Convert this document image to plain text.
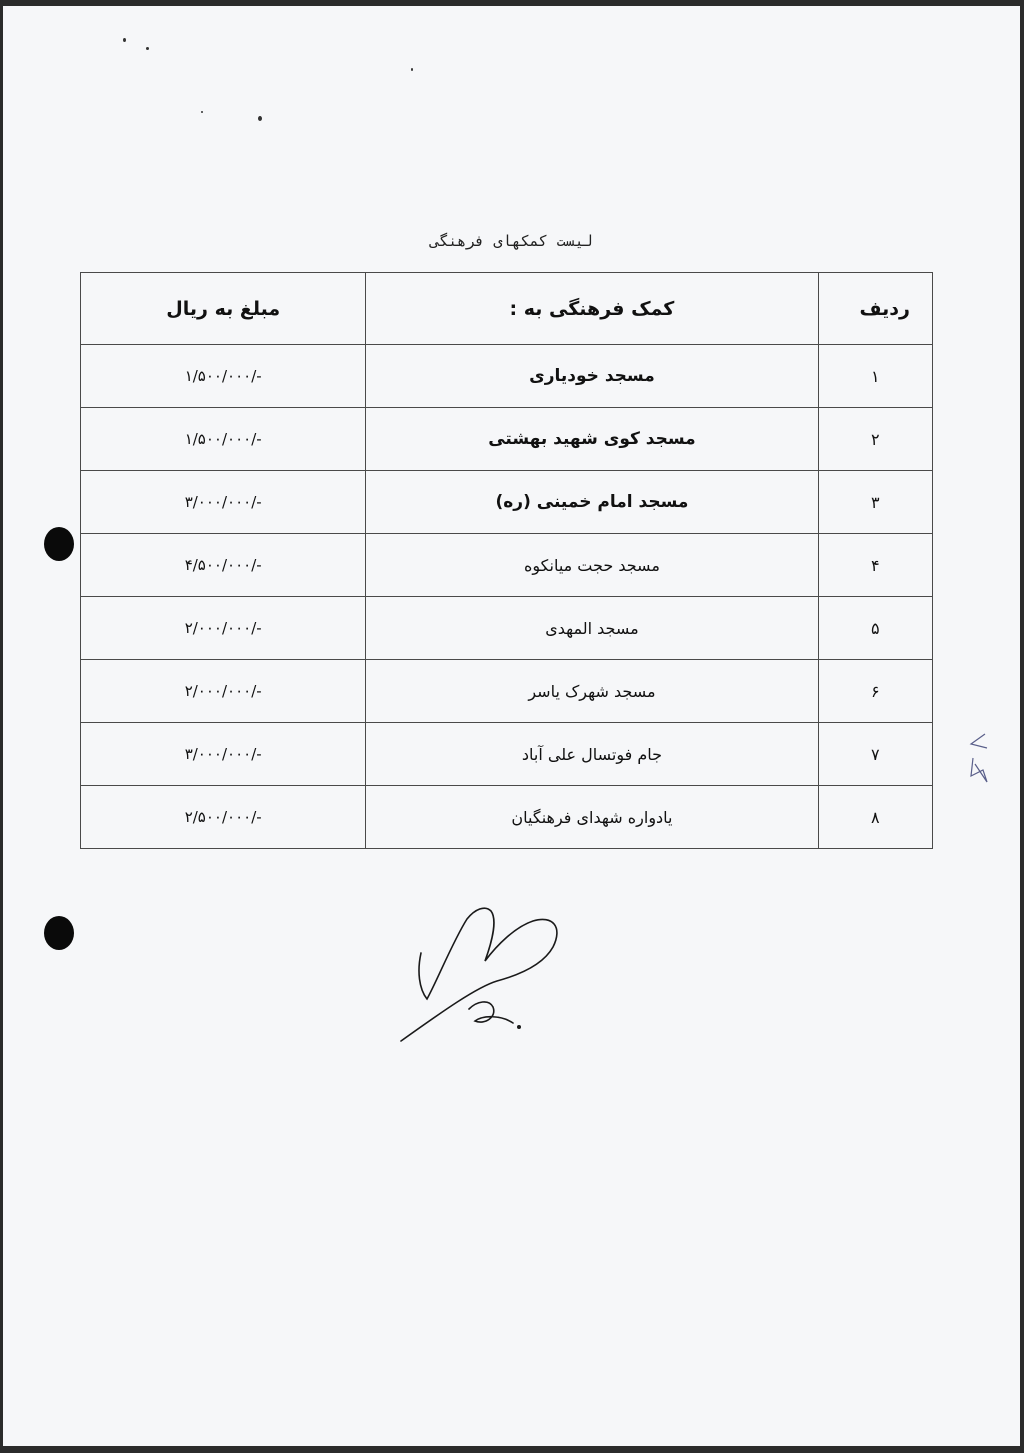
لیست کمکهای فرهنگی
ردیف	کمک فرهنگی به :	مبلغ به ریال
۱	مسجد خودیاری	۱/۵۰۰/۰۰۰/-
۲	مسجد کوی شهید بهشتی	۱/۵۰۰/۰۰۰/-
۳	مسجد امام خمینی (ره)	۳/۰۰۰/۰۰۰/-
۴	مسجد حجت میانکوه	۴/۵۰۰/۰۰۰/-
۵	مسجد المهدی	۲/۰۰۰/۰۰۰/-
۶	مسجد شهرک یاسر	۲/۰۰۰/۰۰۰/-
۷	جام فوتسال علی آباد	۳/۰۰۰/۰۰۰/-
۸	یادواره شهدای فرهنگیان	۲/۵۰۰/۰۰۰/-
